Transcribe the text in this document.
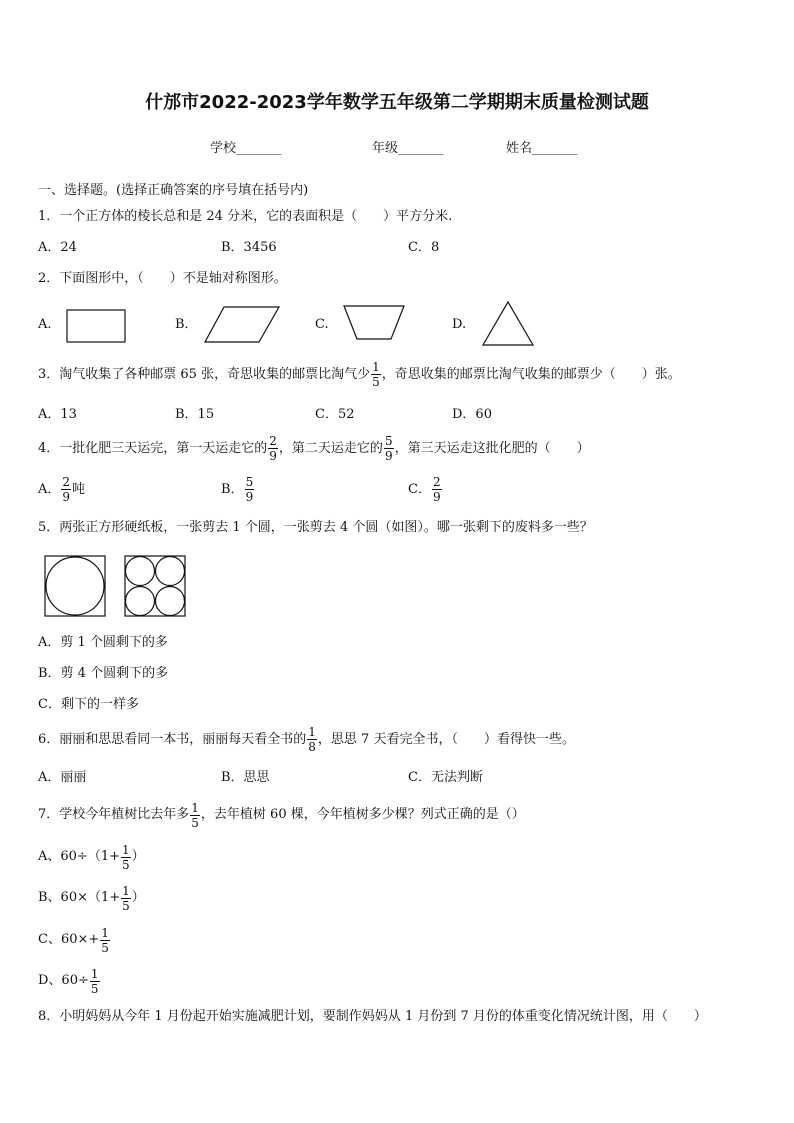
什邡市2022-2023学年数学五年级第二学期期末质量检测试题
学校_______	年级_______	姓名_______
一、选择题。(选择正确答案的序号填在括号内)
1．一个正方体的棱长总和是 24 分米，它的表面积是（　　）平方分米.
A．24	B．3456	C．8
2．下面图形中，（　　）不是轴对称图形。
A.	B．	C.	D.
3．淘气收集了各种邮票 65 张，奇思收集的邮票比淘气少 $\frac{1}{5}$ ，奇思收集的邮票比淘气收集的邮票少（　　）张。
A．13	B．15	C．52	D．60
4．一批化肥三天运完，第一天运走它的 $\frac{2}{9}$ ，第二天运走它的 $\frac{5}{9}$ ，第三天运走这批化肥的（　　）
A． $\frac{2}{9}$ 吨	B． $\frac{5}{9}$	C． $\frac{2}{9}$
5．两张正方形硬纸板，一张剪去 1 个圆，一张剪去 4 个圆（如图）。哪一张剩下的废料多一些？
A．剪 1 个圆剩下的多
B．剪 4 个圆剩下的多
C．剩下的一样多
6．丽丽和思思看同一本书，丽丽每天看全书的 $\frac{1}{8}$ ，思思 7 天看完全书，（　　）看得快一些。
A．丽丽	B．思思	C．无法判断
7．学校今年植树比去年多 $\frac{1}{5}$ ，去年植树 60 棵，今年植树多少棵？列式正确的是（）
A、$60\div(1+ \frac{1}{5}$ ）
B、$60\times(1+ \frac{1}{5}$ ）
C、$60\times+ \frac{1}{5}$
D、$60\div \frac{1}{5}$
8．小明妈妈从今年 1 月份起开始实施减肥计划，要制作妈妈从 1 月份到 7 月份的体重变化情况统计图，用（　　）
